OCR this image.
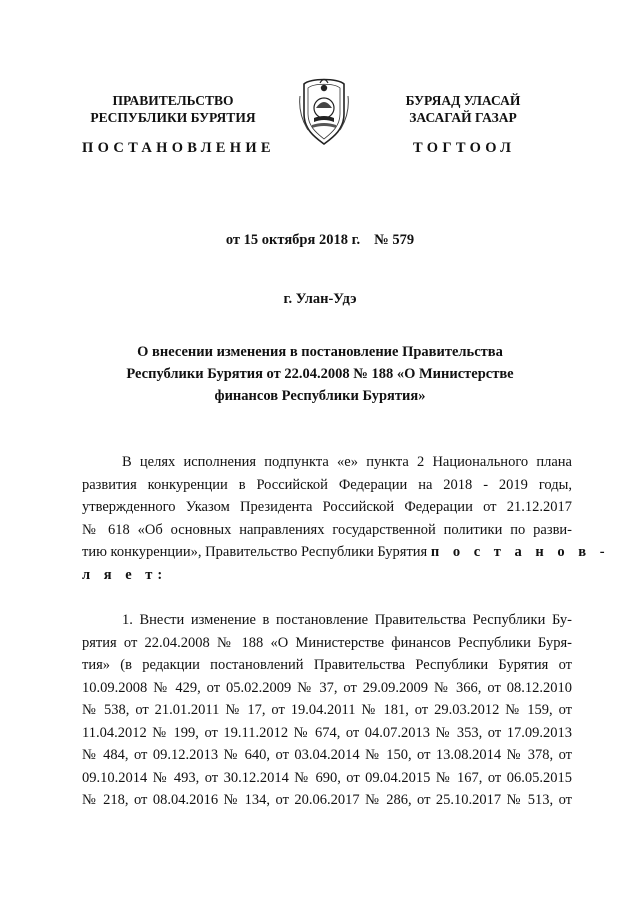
ПРАВИТЕЛЬСТВО
РЕСПУБЛИКИ БУРЯТИЯ
БУРЯАД УЛАСАЙ
ЗАСАГАЙ ГАЗАР
ПОСТАНОВЛЕНИЕ	ТОГТООЛ
от 15 октября 2018 г. № 579
г. Улан-Удэ
О внесении изменения в постановление Правительства
Республики Бурятия от 22.04.2008 № 188 «О Министерстве
финансов Республики Бурятия»
В целях исполнения подпункта «е» пункта 2 Национального плана
развития конкуренции в Российской Федерации на 2018 - 2019 годы,
утвержденного Указом Президента Российской Федерации от 21.12.2017
№ 618 «Об основных направлениях государственной политики по разви-
тию конкуренции», Правительство Республики Бурятия п о с т а н о в -
л я е т:
1. Внести изменение в постановление Правительства Республики Бу-
рятия от 22.04.2008 № 188 «О Министерстве финансов Республики Буря-
тия» (в редакции постановлений Правительства Республики Бурятия от
10.09.2008 № 429, от 05.02.2009 № 37, от 29.09.2009 № 366, от 08.12.2010
№ 538, от 21.01.2011 № 17, от 19.04.2011 № 181, от 29.03.2012 № 159, от
11.04.2012 № 199, от 19.11.2012 № 674, от 04.07.2013 № 353, от 17.09.2013
№ 484, от 09.12.2013 № 640, от 03.04.2014 № 150, от 13.08.2014 № 378, от
09.10.2014 № 493, от 30.12.2014 № 690, от 09.04.2015 № 167, от 06.05.2015
№ 218, от 08.04.2016 № 134, от 20.06.2017 № 286, от 25.10.2017 № 513, от
